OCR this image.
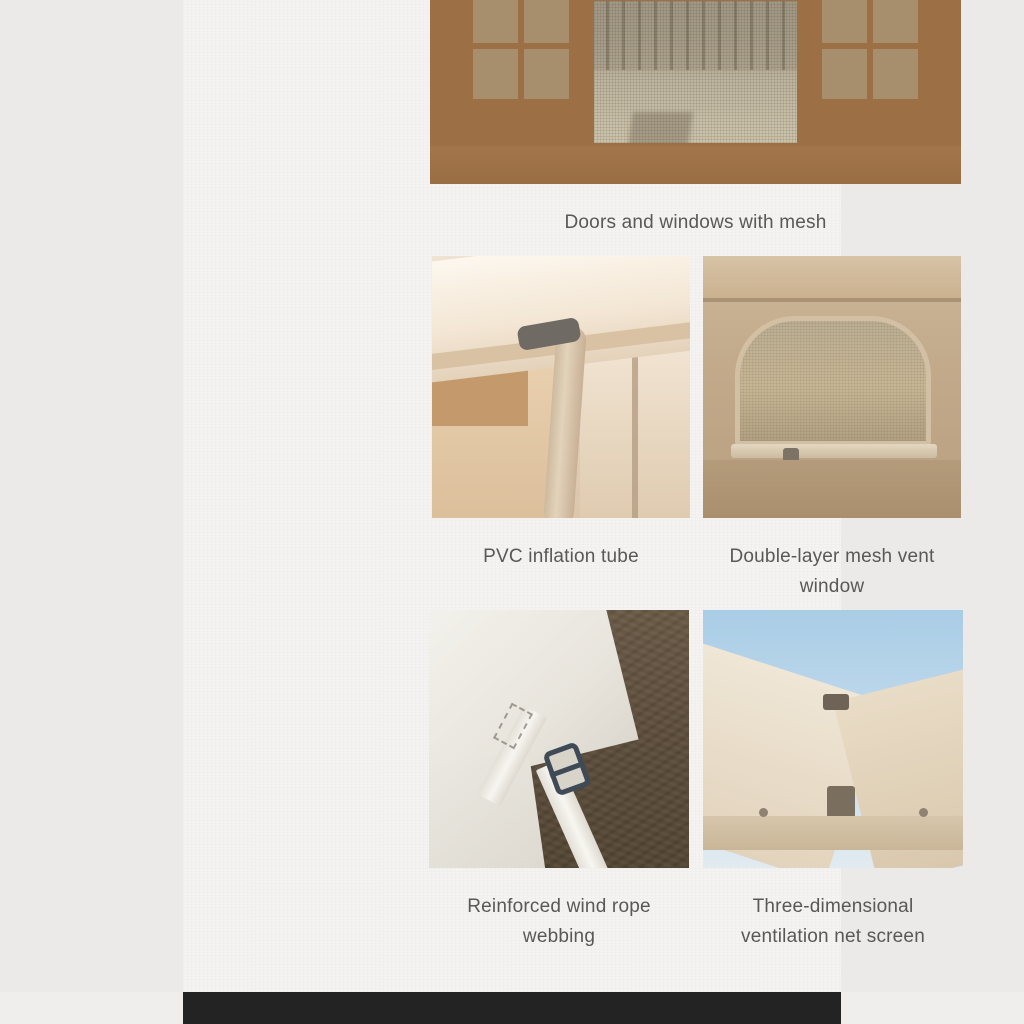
Doors and windows with mesh
PVC inflation tube	Double-layer mesh vent window
Reinforced wind rope webbing
Three-dimensional
ventilation net screen
